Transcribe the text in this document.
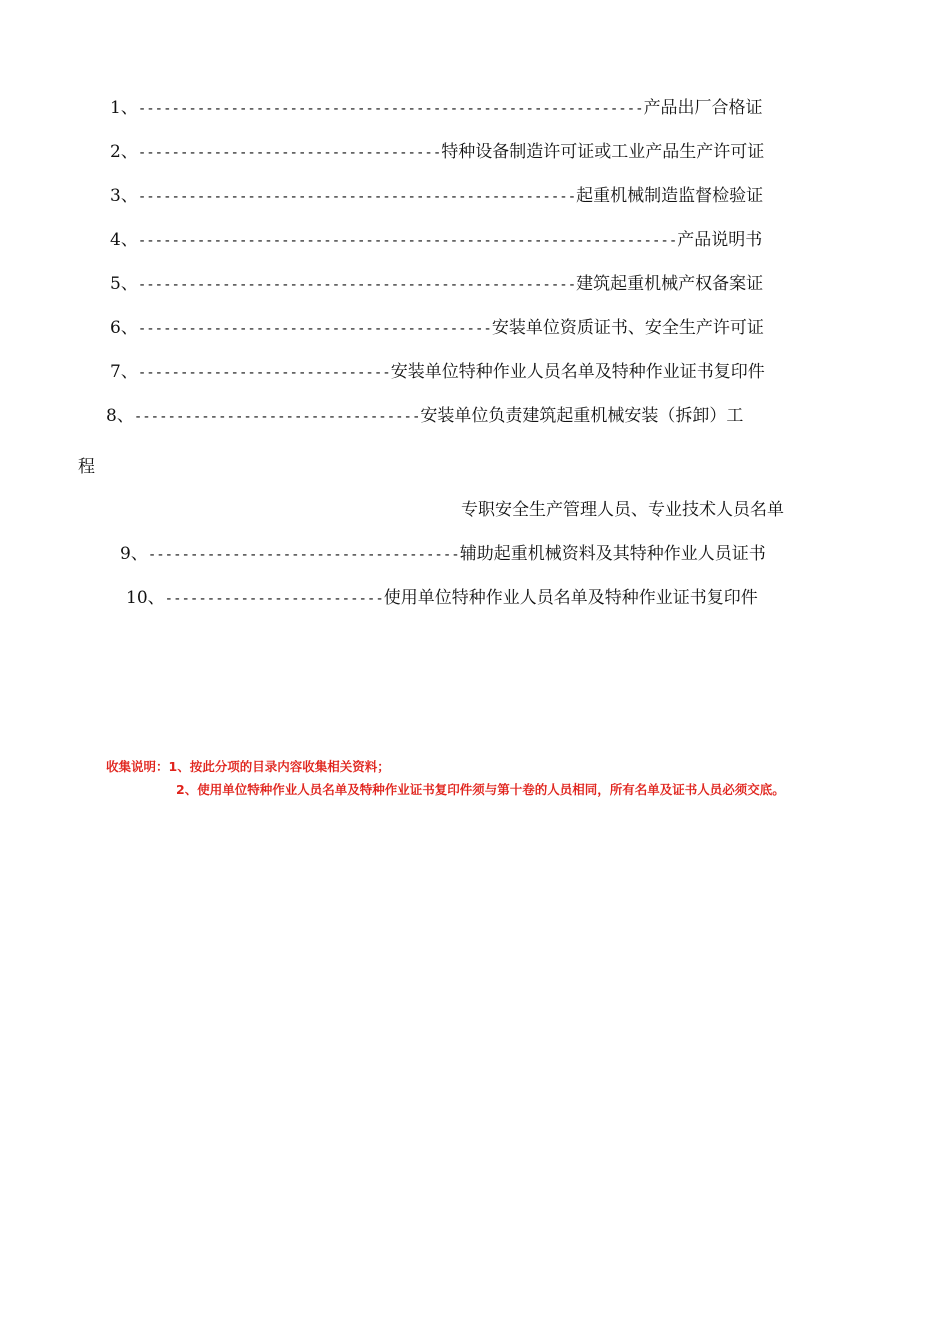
1、------------------------------------------------------------产品出厂合格证
2、------------------------------------特种设备制造许可证或工业产品生产许可证
3、----------------------------------------------------起重机械制造监督检验证
4、----------------------------------------------------------------产品说明书
5、----------------------------------------------------建筑起重机械产权备案证
6、------------------------------------------安装单位资质证书、安全生产许可证
7、------------------------------安装单位特种作业人员名单及特种作业证书复印件
8、----------------------------------安装单位负责建筑起重机械安装（拆卸）工
程
专职安全生产管理人员、专业技术人员名单
9、-------------------------------------辅助起重机械资料及其特种作业人员证书
10、--------------------------使用单位特种作业人员名单及特种作业证书复印件
收集说明：1、按此分项的目录内容收集相关资料；
2、使用单位特种作业人员名单及特种作业证书复印件须与第十卷的人员相同，所有名单及证书人员必须交底。
